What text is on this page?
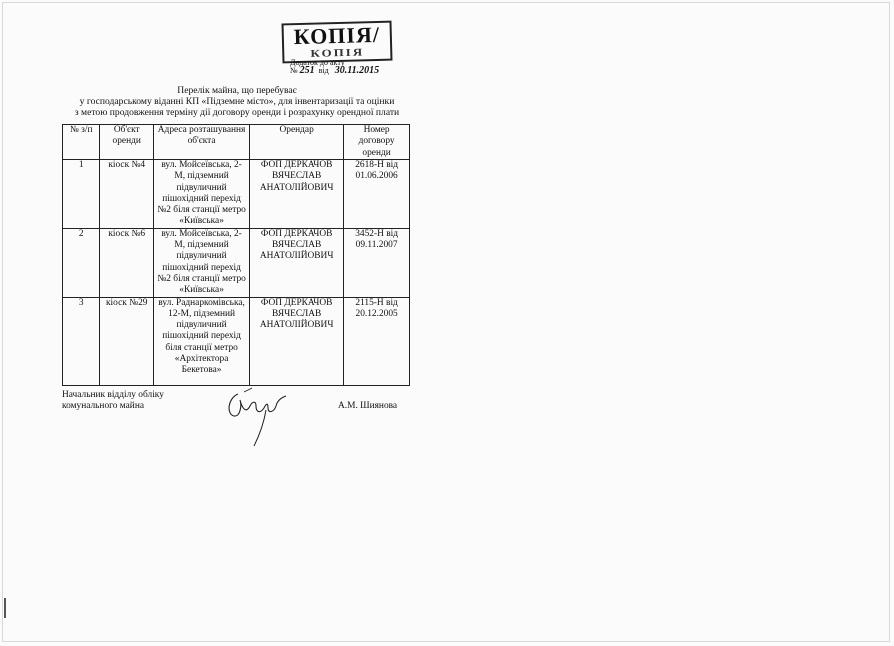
КОПІЯ/
КОПІЯ
Додаток до акту
№ 251 від 30.11.2015
Перелік майна, що перебуває
у господарському віданні КП «Підземне місто», для інвентаризації та оцінки
з метою продовження терміну дії договору оренди і розрахунку орендної плати
№ з/п	Об'єкт оренди	Адреса розташування об'єкта	Орендар	Номер договору оренди
1	кіоск №4	вул. Мойсеївська, 2-М, підземний підвуличний пішохідний перехід №2 біля станції метро «Київська»	ФОП ДЕРКАЧОВ ВЯЧЕСЛАВ АНАТОЛІЙОВИЧ	2618-Н від 01.06.2006
2	кіоск №6	вул. Мойсеївська, 2-М, підземний підвуличний пішохідний перехід №2 біля станції метро «Київська»	ФОП ДЕРКАЧОВ ВЯЧЕСЛАВ АНАТОЛІЙОВИЧ	3452-Н від 09.11.2007
3	кіоск №29	вул. Раднаркомівська, 12-М, підземний підвуличний пішохідний перехід біля станції метро «Архітектора Бекетова»	ФОП ДЕРКАЧОВ ВЯЧЕСЛАВ АНАТОЛІЙОВИЧ	2115-Н від 20.12.2005
Начальник відділу обліку
комунального майна	А.М. Шиянова
